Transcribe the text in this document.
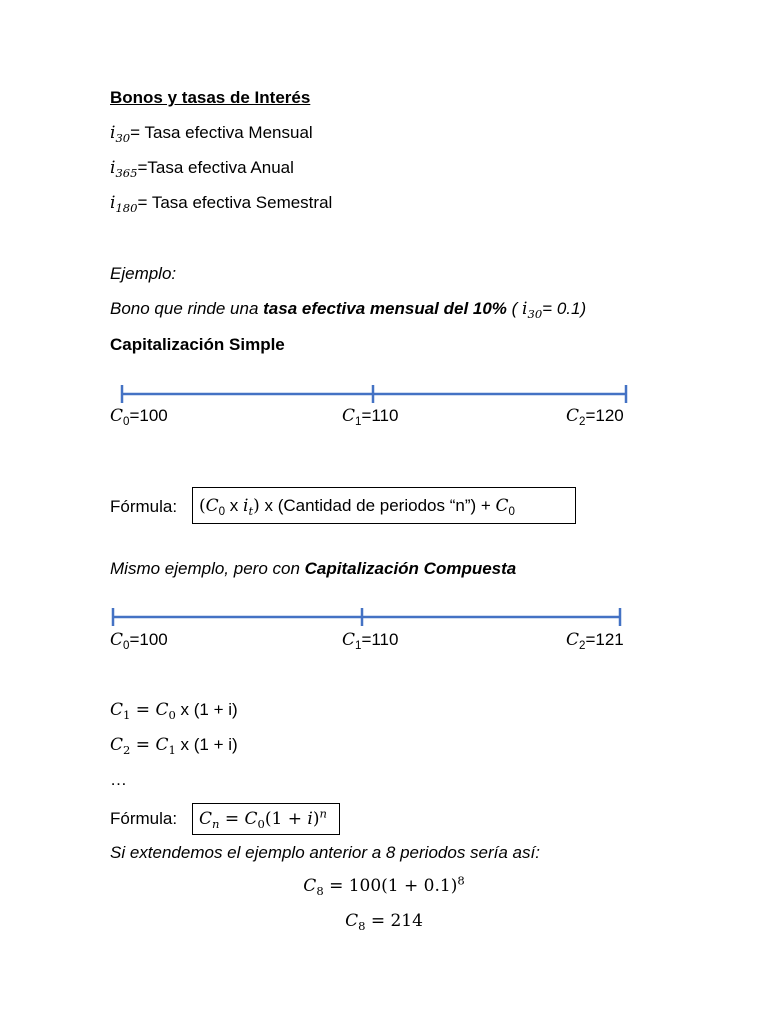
Bonos y tasas de Interés
$i_{30}=$ Tasa efectiva Mensual
$i_{365}=Tasa$ efectiva Anual
$i_{180}=$ Tasa efectiva Semestral
Ejemplo:
Bono que rinde una tasa efectiva mensual del 10% ( $i_{30}= 0.1$)
Capitalización Simple
$C_0=100$	$C_1=110$	$C_2=120$
Fórmula:	($C_0$ x $i_t$) x (Cantidad de periodos “n”) + $C_0$
Mismo ejemplo, pero con Capitalización Compuesta
$C_0=100$	$C_1=110$	$C_2=121$
$C_1 = C_0$ x (1 + i)
$C_2 = C_1$ x (1 + i)
…
Fórmula:	$C_n = C_0(1 + i)^n$
Si extendemos el ejemplo anterior a 8 periodos sería así:
$C_8 = 100(1 + 0.1)^8$
$C_8 = 214$
